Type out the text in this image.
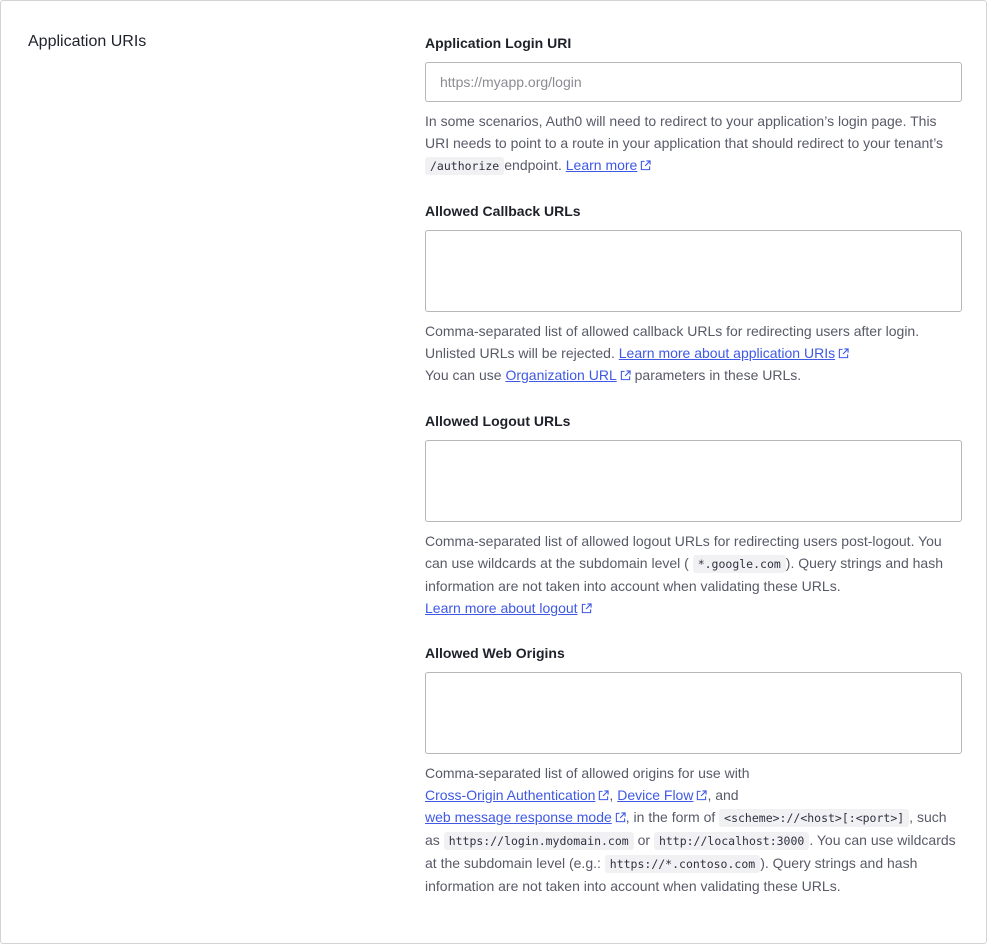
Application URIs	Application Login URI
https://myapp.org/login
In some scenarios, Auth0 will need to redirect to your application’s login page. This URI needs to point to a route in your application that should redirect to your tenant’s /authorize endpoint. Learn more
Allowed Callback URLs
Comma-separated list of allowed callback URLs for redirecting users after login. Unlisted URLs will be rejected. Learn more about application URIs
You can use Organization URL parameters in these URLs.
Allowed Logout URLs
Comma-separated list of allowed logout URLs for redirecting users post-logout. You can use wildcards at the subdomain level ( *.google.com ). Query strings and hash information are not taken into account when validating these URLs.
Learn more about logout
Allowed Web Origins
Comma-separated list of allowed origins for use with
Cross-Origin Authentication , Device Flow , and
web message response mode , in the form of <scheme>://<host>[:<port>] , such as https://login.mydomain.com or http://localhost:3000 . You can use wildcards at the subdomain level (e.g.: https://*.contoso.com ). Query strings and hash information are not taken into account when validating these URLs.
